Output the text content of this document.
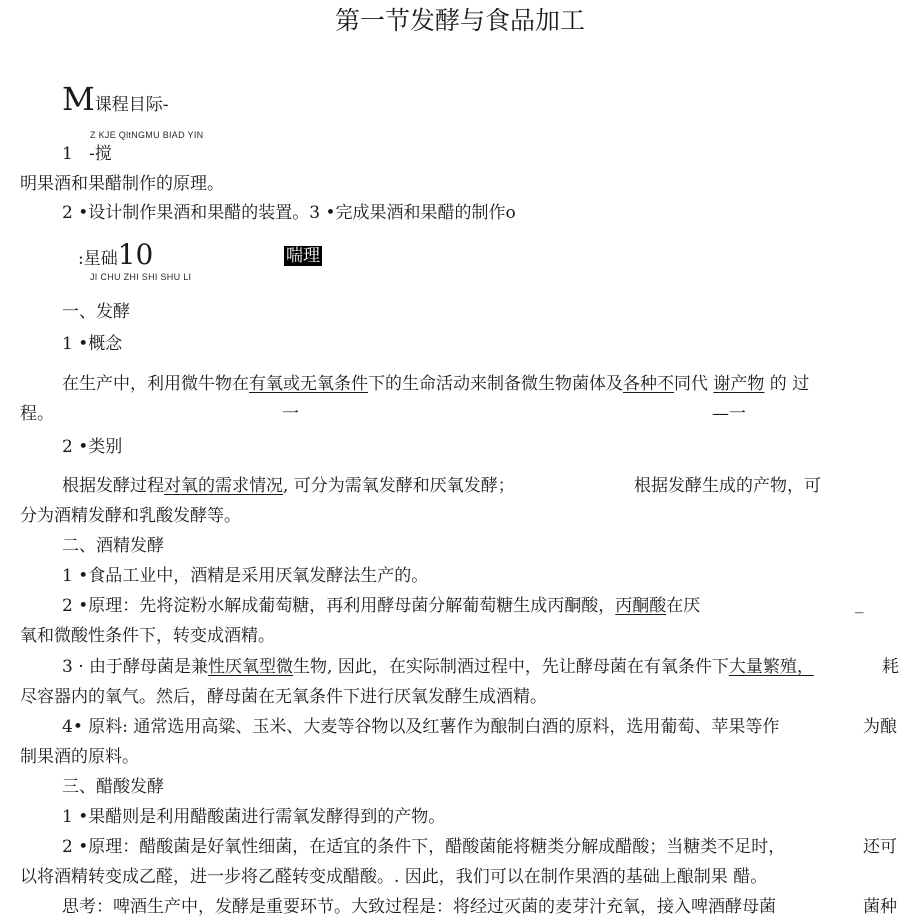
第一节发酵与食品加工
M课程目际-
Z KJE QltNGMU BIAD YIN
1 -搅
明果酒和果醋制作的原理。
2 •设计制作果酒和果醋的装置。3 •完成果酒和果醋的制作o
:星础10	喘理
JI CHU ZHI SHI SHU LI
一、发酵
1 •概念
在生产中，利用微牛物在有氧或无氧条件下的生命活动来制备微生物菌体及各种不同代 谢产物 的 过
程。	一	—一
2 •类别
根据发酵过程对氧的需求情况, 可分为需氧发酵和厌氧发酵；	根据发酵生成的产物，可
分为酒精发酵和乳酸发酵等。
二、酒精发酵
1 •食品工业中，酒精是采用厌氧发酵法生产的。
2 •原理：先将淀粉水解成葡萄糖，再利用酵母菌分解葡萄糖生成丙酮酸，丙酮酸在厌	_
氧和微酸性条件下，转变成酒精。
3 · 由于酵母菌是兼性厌氧型微生物, 因此，在实际制酒过程中，先让酵母菌在有氧条件下大量繁殖，	耗
尽容器内的氧气。然后，酵母菌在无氧条件下进行厌氧发酵生成酒精。
4• 原料: 通常选用高粱、玉米、大麦等谷物以及红薯作为酿制白酒的原料，选用葡萄、苹果等作	为酿
制果酒的原料。
三、醋酸发酵
1 •果醋则是利用醋酸菌进行需氧发酵得到的产物。
2 •原理：醋酸菌是好氧性细菌，在适宜的条件下，醋酸菌能将糖类分解成醋酸；当糖类不足时，	还可
以将酒精转变成乙醛，进一步将乙醛转变成醋酸。. 因此，我们可以在制作果酒的基础上酿制果 醋。
思考：啤酒生产中，发酵是重要环节。大致过程是：将经过灭菌的麦芽汁充氧，接入啤酒酵母菌	菌种
